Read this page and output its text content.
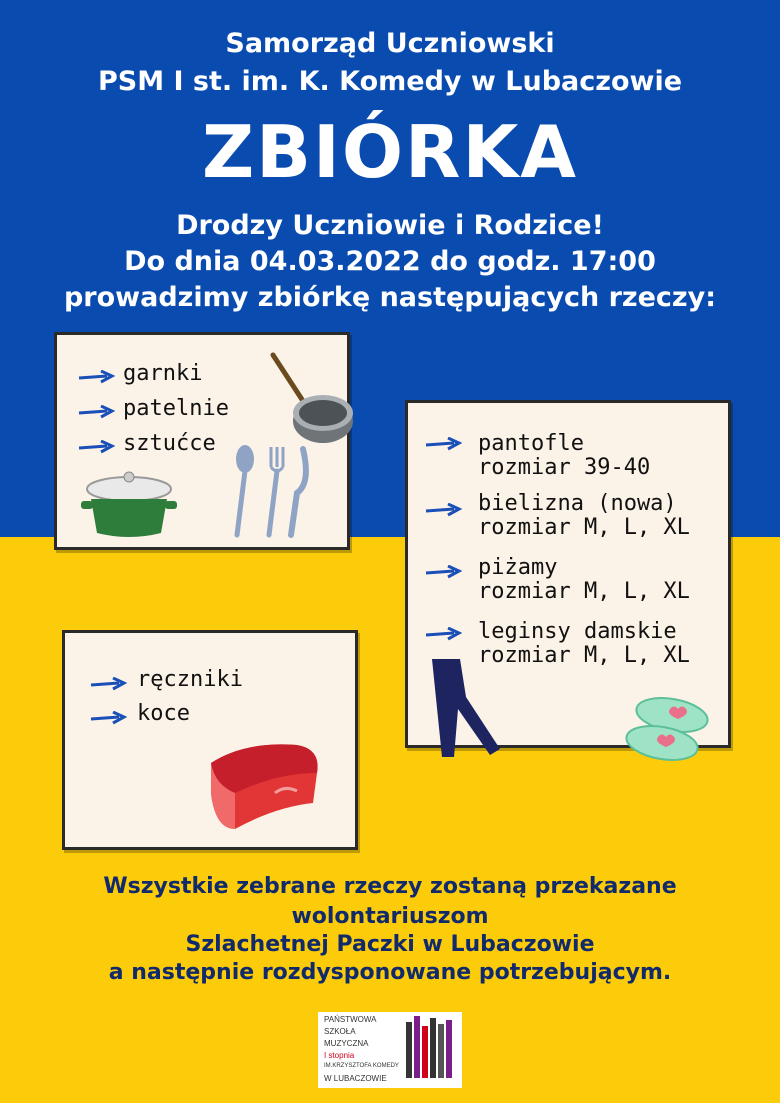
Samorząd Uczniowski
PSM I st. im. K. Komedy w Lubaczowie
ZBIÓRKA
Drodzy Uczniowie i Rodzice!
Do dnia 04.03.2022 do godz. 17:00
prowadzimy zbiórkę następujących rzeczy:
garnki
patelnie
sztućce	pantofle
rozmiar 39-40
bielizna (nowa)
rozmiar M, L, XL
piżamy
rozmiar M, L, XL
leginsy damskie
rozmiar M, L, XL
ręczniki
koce
Wszystkie zebrane rzeczy zostaną przekazane
wolontariuszom
Szlachetnej Paczki w Lubaczowie
a następnie rozdysponowane potrzebującym.
PAŃSTWOWA
SZKOŁA
MUZYCZNA
I stopnia
IM.KRZYSZTOFA KOMEDY
W LUBACZOWIE
